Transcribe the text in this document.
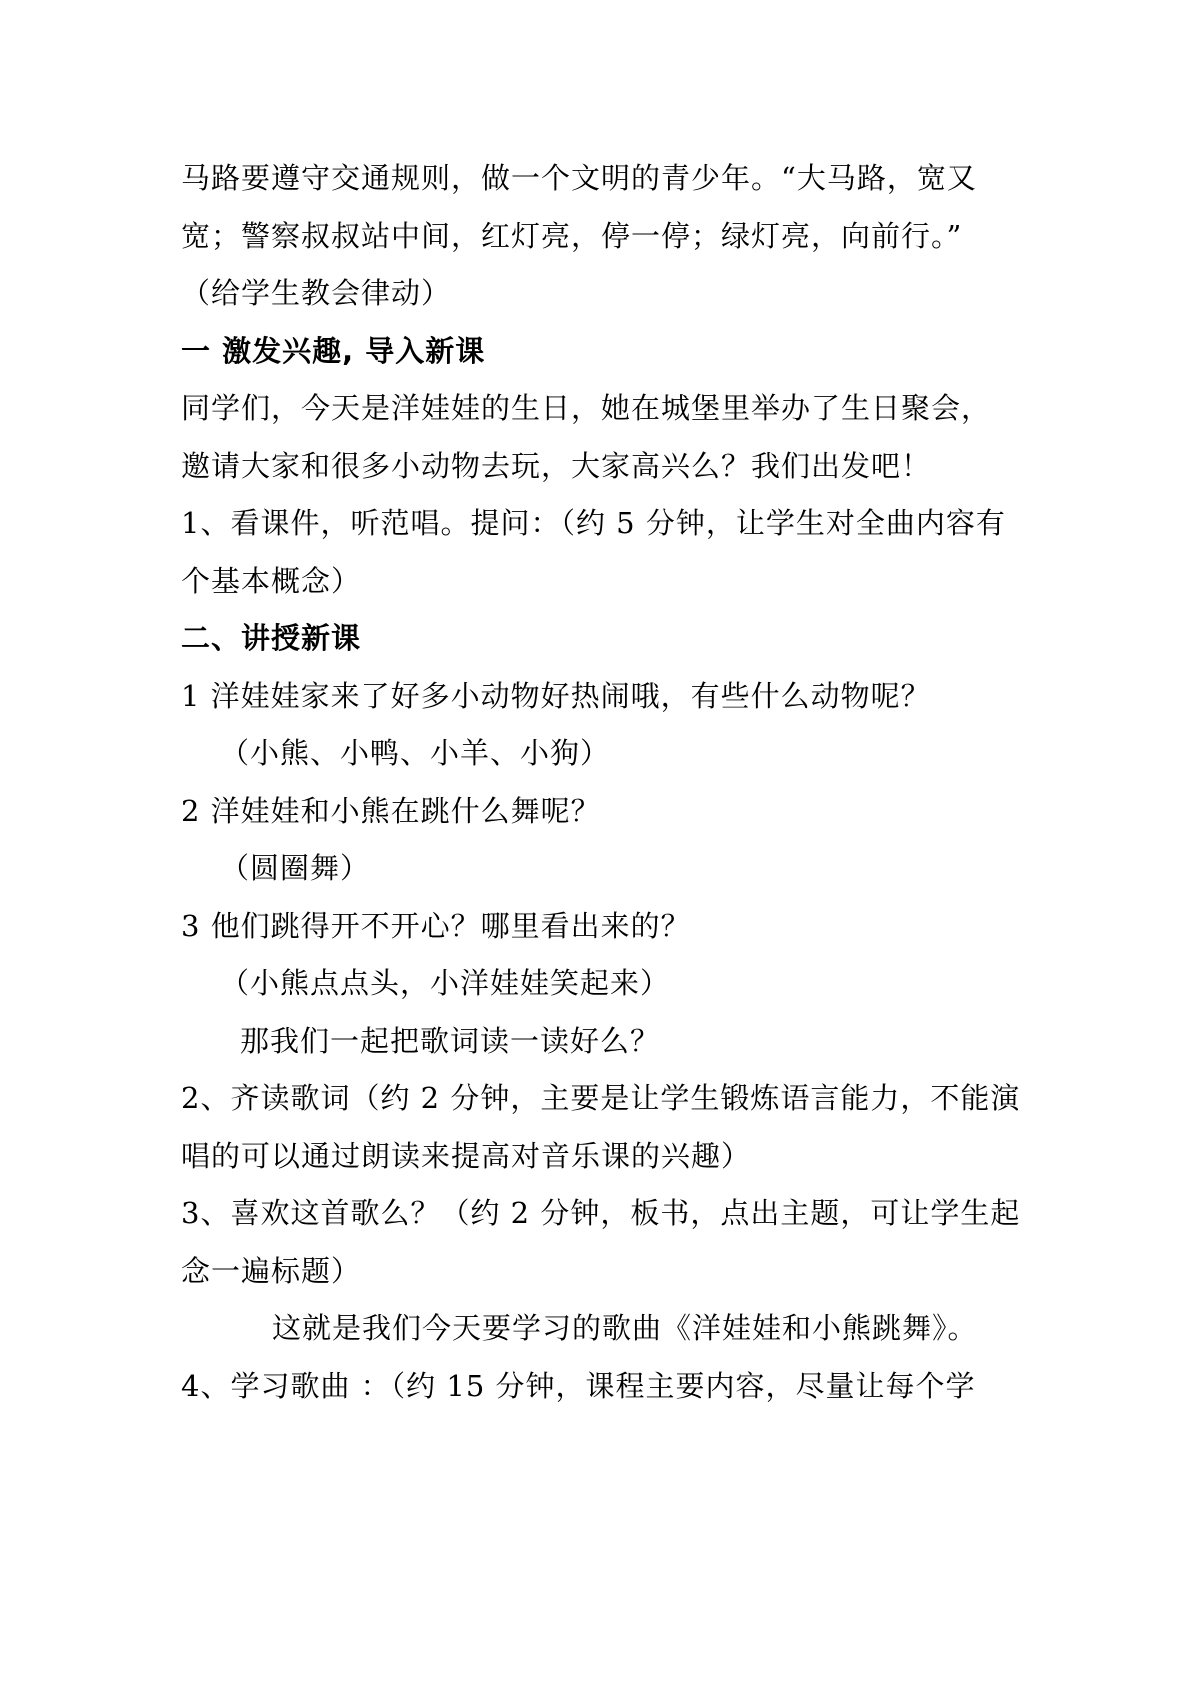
马路要遵守交通规则，做一个文明的青少年。“大马路，宽又
宽；警察叔叔站中间，红灯亮，停一停；绿灯亮，向前行。”
（给学生教会律动）
一 激发兴趣, 导入新课
同学们，今天是洋娃娃的生日，她在城堡里举办了生日聚会，
邀请大家和很多小动物去玩，大家高兴么？我们出发吧！
1、看课件，听范唱。提问：（约 5 分钟，让学生对全曲内容有
个基本概念）
二、讲授新课
1 洋娃娃家来了好多小动物好热闹哦，有些什么动物呢？
（小熊、小鸭、小羊、小狗）
2 洋娃娃和小熊在跳什么舞呢？
（圆圈舞）
3 他们跳得开不开心？哪里看出来的？
（小熊点点头，小洋娃娃笑起来）
那我们一起把歌词读一读好么？
2、齐读歌词（约 2 分钟，主要是让学生锻炼语言能力，不能演
唱的可以通过朗读来提高对音乐课的兴趣）
3、喜欢这首歌么？（约 2 分钟，板书，点出主题，可让学生起
念一遍标题）
这就是我们今天要学习的歌曲《洋娃娃和小熊跳舞》。
4、学习歌曲 ：（约 15 分钟，课程主要内容，尽量让每个学
